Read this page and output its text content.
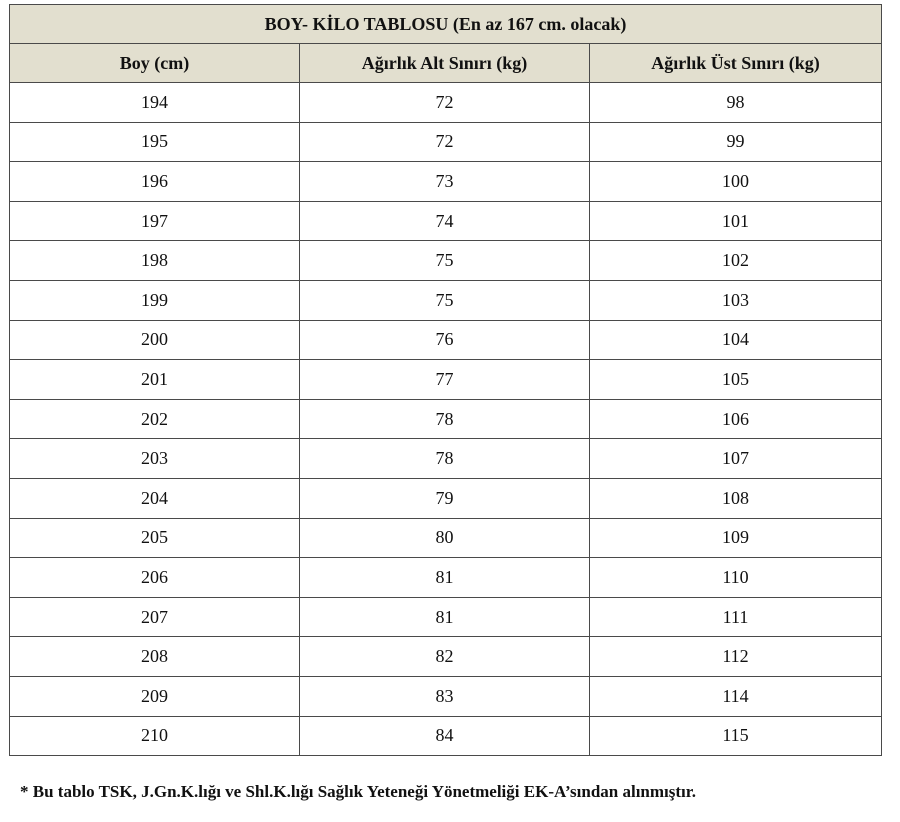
BOY- KİLO TABLOSU (En az 167 cm. olacak)		
Boy (cm)	Ağırlık Alt Sınırı (kg)	Ağırlık Üst Sınırı (kg)
194	72	98
195	72	99
196	73	100
197	74	101
198	75	102
199	75	103
200	76	104
201	77	105
202	78	106
203	78	107
204	79	108
205	80	109
206	81	110
207	81	111
208	82	112
209	83	114
210	84	115
* Bu tablo TSK, J.Gn.K.lığı ve Shl.K.lığı Sağlık Yeteneği Yönetmeliği EK-A’sından alınmıştır.
